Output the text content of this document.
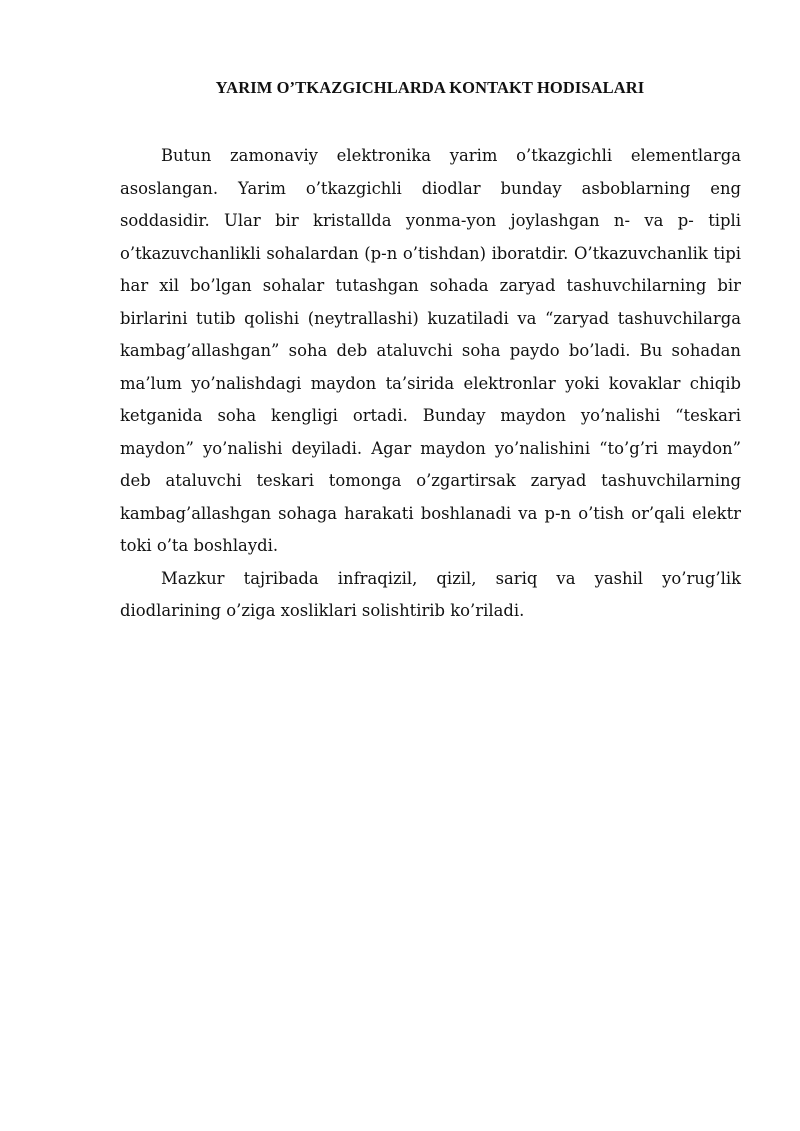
YARIM O’TKAZGICHLARDA KONTAKT HODISALARI

Butun zamonaviy elektronika yarim o’tkazgichli elementlarga asoslangan. Yarim o’tkazgichli diodlar bunday asboblarning eng soddasidir. Ular bir kristallda yonma-yon joylashgan n- va p- tipli o’tkazuvchanlikli sohalardan (p-n o’tishdan) iboratdir. O’tkazuvchanlik tipi har xil bo’lgan sohalar tutashgan sohada zaryad tashuvchilarning bir birlarini tutib qolishi (neytrallashi) kuzatiladi va “zaryad tashuvchilarga kambag’allashgan” soha deb ataluvchi soha paydo bo’ladi. Bu sohadan ma’lum yo’nalishdagi maydon ta’sirida elektronlar yoki kovaklar chiqib ketganida soha kengligi ortadi. Bunday maydon yo’nalishi “teskari maydon” yo’nalishi deyiladi. Agar maydon yo’nalishini “to’g’ri maydon” deb ataluvchi teskari tomonga o’zgartirsak zaryad tashuvchilarning kambag’allashgan sohaga harakati boshlanadi va p-n o’tish or’qali elektr toki o’ta boshlaydi.

Mazkur tajribada infraqizil, qizil, sariq va yashil yo’rug’lik diodlarining o’ziga xosliklari solishtirib ko’riladi.
